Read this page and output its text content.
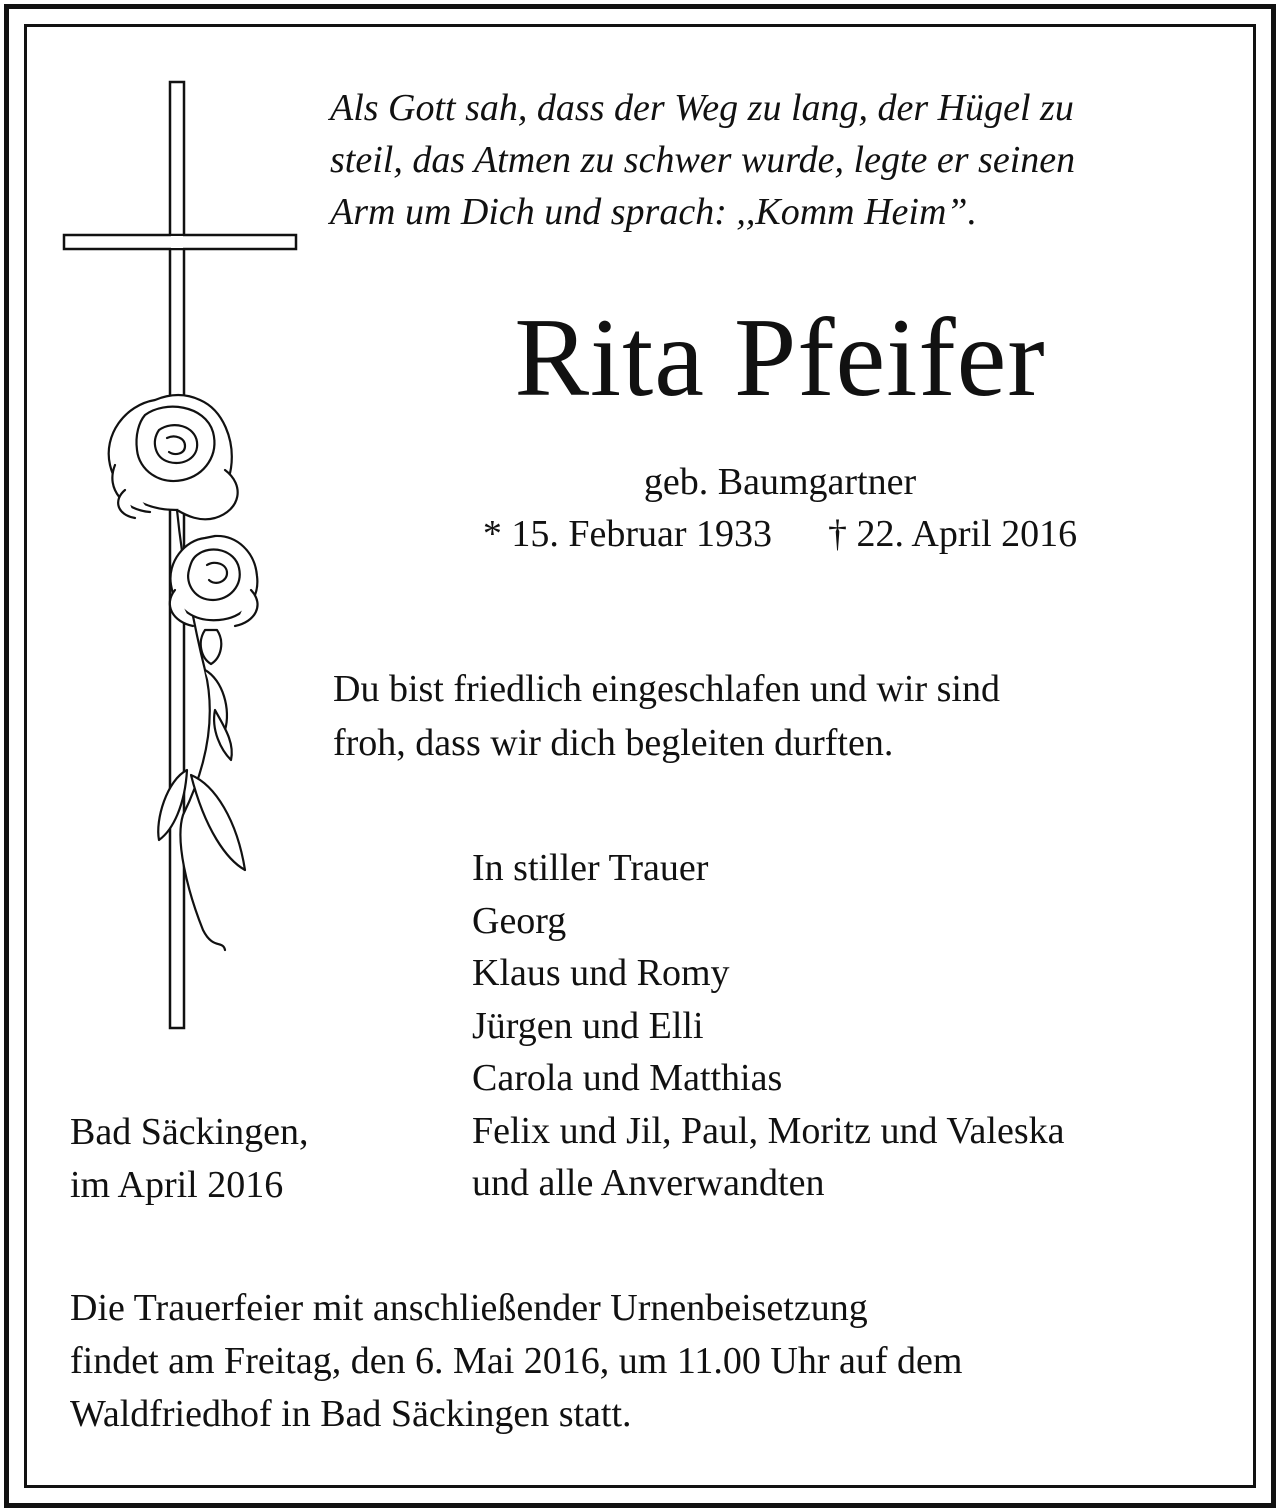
Als Gott sah, dass der Weg zu lang, der Hügel zu
steil, das Atmen zu schwer wurde, legte er seinen
Arm um Dich und sprach: ,,Komm Heim”.
Rita Pfeifer
geb. Baumgartner
* 15. Februar 1933 † 22. April 2016
Du bist friedlich eingeschlafen und wir sind
froh, dass wir dich begleiten durften.
In stiller Trauer
Georg
Klaus und Romy
Jürgen und Elli
Carola und Matthias
Felix und Jil, Paul, Moritz und Valeska
und alle Anverwandten
Bad Säckingen,
im April 2016
Die Trauerfeier mit anschließender Urnenbeisetzung
findet am Freitag, den 6. Mai 2016, um 11.00 Uhr auf dem
Waldfriedhof in Bad Säckingen statt.
